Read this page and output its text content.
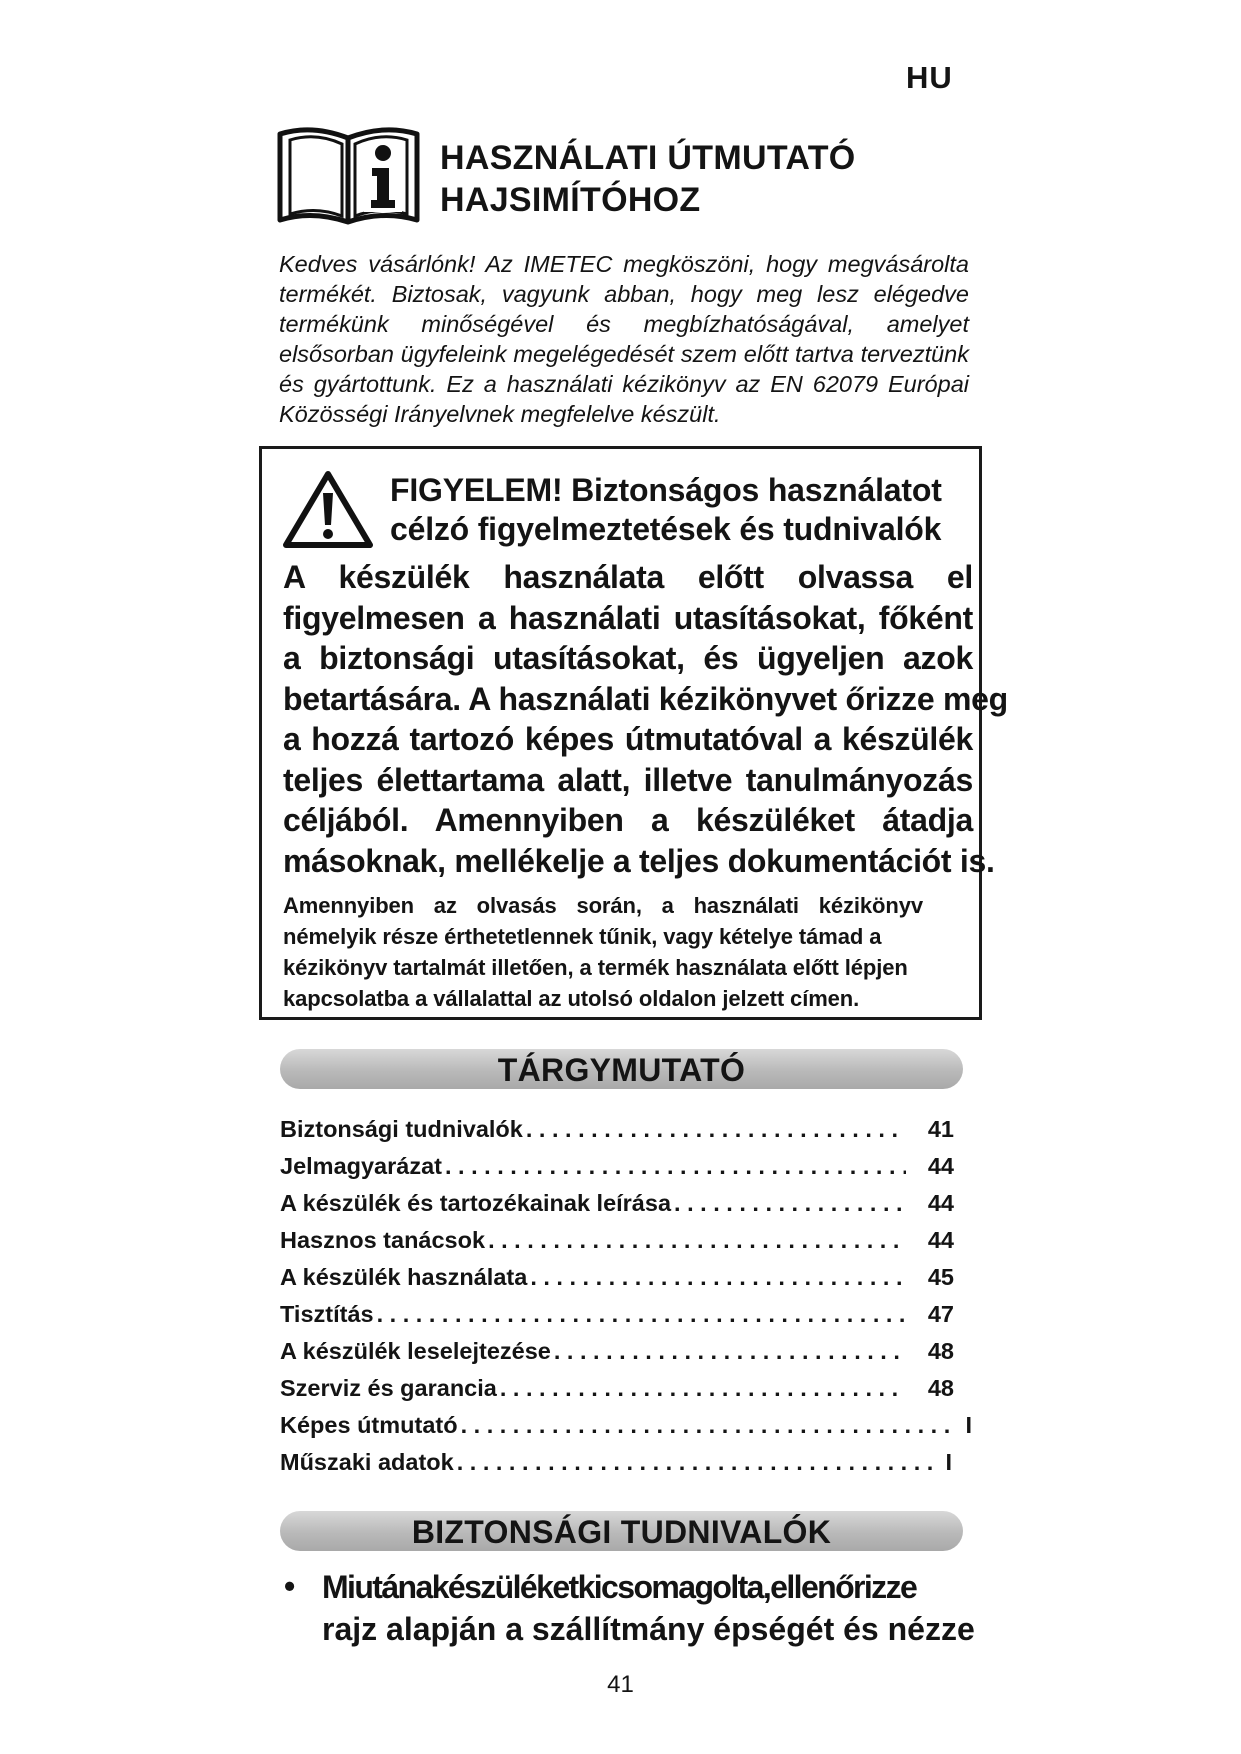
HU
HASZNÁLATI ÚTMUTATÓ
HAJSIMÍTÓHOZ
Kedves vásárlónk! Az IMETEC megköszöni, hogy megvásárolta termékét. Biztosak, vagyunk abban, hogy meg lesz elégedve termékünk minőségével és megbízhatóságával, amelyet elsősorban ügyfeleink megelégedését szem előtt tartva terveztünk és gyártottunk. Ez a használati kézikönyv az EN 62079 Európai Közösségi Irányelvnek megfelelve készült.
FIGYELEM! Biztonságos használatot
célzó figyelmeztetések és tudnivalók
A készülék használata előtt olvassa el
figyelmesen a használati utasításokat, főként
a biztonsági utasításokat, és ügyeljen azok
betartására. A használati kézikönyvet őrizze meg
a hozzá tartozó képes útmutatóval a készülék
teljes élettartama alatt, illetve tanulmányozás
céljából. Amennyiben a készüléket átadja
másoknak, mellékelje a teljes dokumentációt is.
Amennyiben az olvasás során, a használati kézikönyv
némelyik része érthetetlennek tűnik, vagy kételye támad a
kézikönyv tartalmát illetően, a termék használata előtt lépjen
kapcsolatba a vállalattal az utolsó oldalon jelzett címen.
TÁRGYMUTATÓ
Biztonsági tudnivalók . . .	41
Jelmagyarázat . . .	44
A készülék és tartozékainak leírása . . .	44
Hasznos tanácsok . . .	44
A készülék használata . . .	45
Tisztítás . . .	47
A készülék leselejtezése . . .	48
Szerviz és garancia . . .	48
Képes útmutató . . .	I
Műszaki adatok . . .	I
BIZTONSÁGI TUDNIVALÓK
• Miutánakészüléketkicsomagolta,ellenőrizze
rajz alapján a szállítmány épségét és nézze
41
